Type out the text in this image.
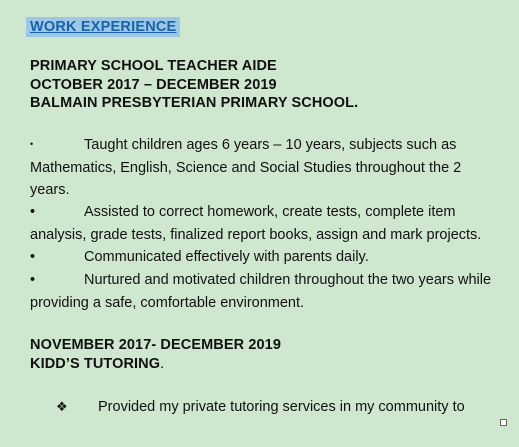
WORK EXPERIENCE
PRIMARY SCHOOL TEACHER AIDE
OCTOBER 2017 – DECEMBER 2019
BALMAIN PRESBYTERIAN PRIMARY SCHOOL.
•	Taught children ages 6 years – 10 years, subjects such as Mathematics, English, Science and Social Studies throughout the 2 years.
•	Assisted to correct homework, create tests, complete item analysis, grade tests, finalized report books, assign and mark projects.
•	Communicated effectively with parents daily.
•	Nurtured and motivated children throughout the two years while providing a safe, comfortable environment.
NOVEMBER 2017- DECEMBER 2019
KIDD’S TUTORING.
❖ Provided my private tutoring services in my community to
